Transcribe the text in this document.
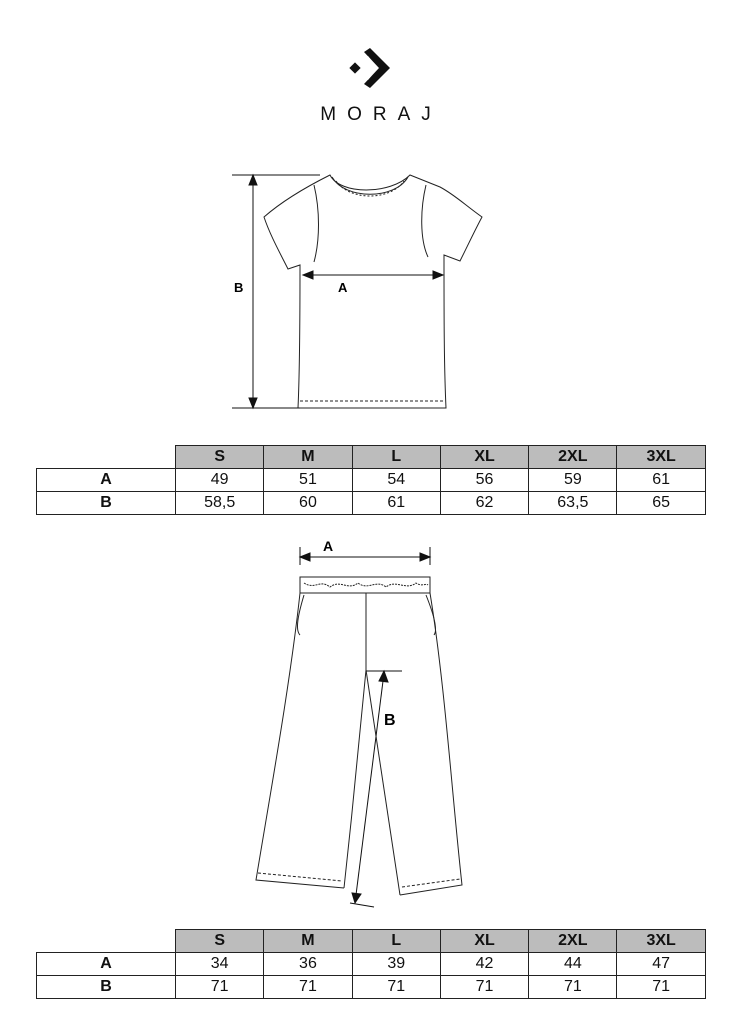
MORAJ
B	A
	S	M	L	XL	2XL	3XL
A	49	51	54	56	59	61
B	58,5	60	61	62	63,5	65
A
B
	S	M	L	XL	2XL	3XL
A	34	36	39	42	44	47
B	71	71	71	71	71	71
